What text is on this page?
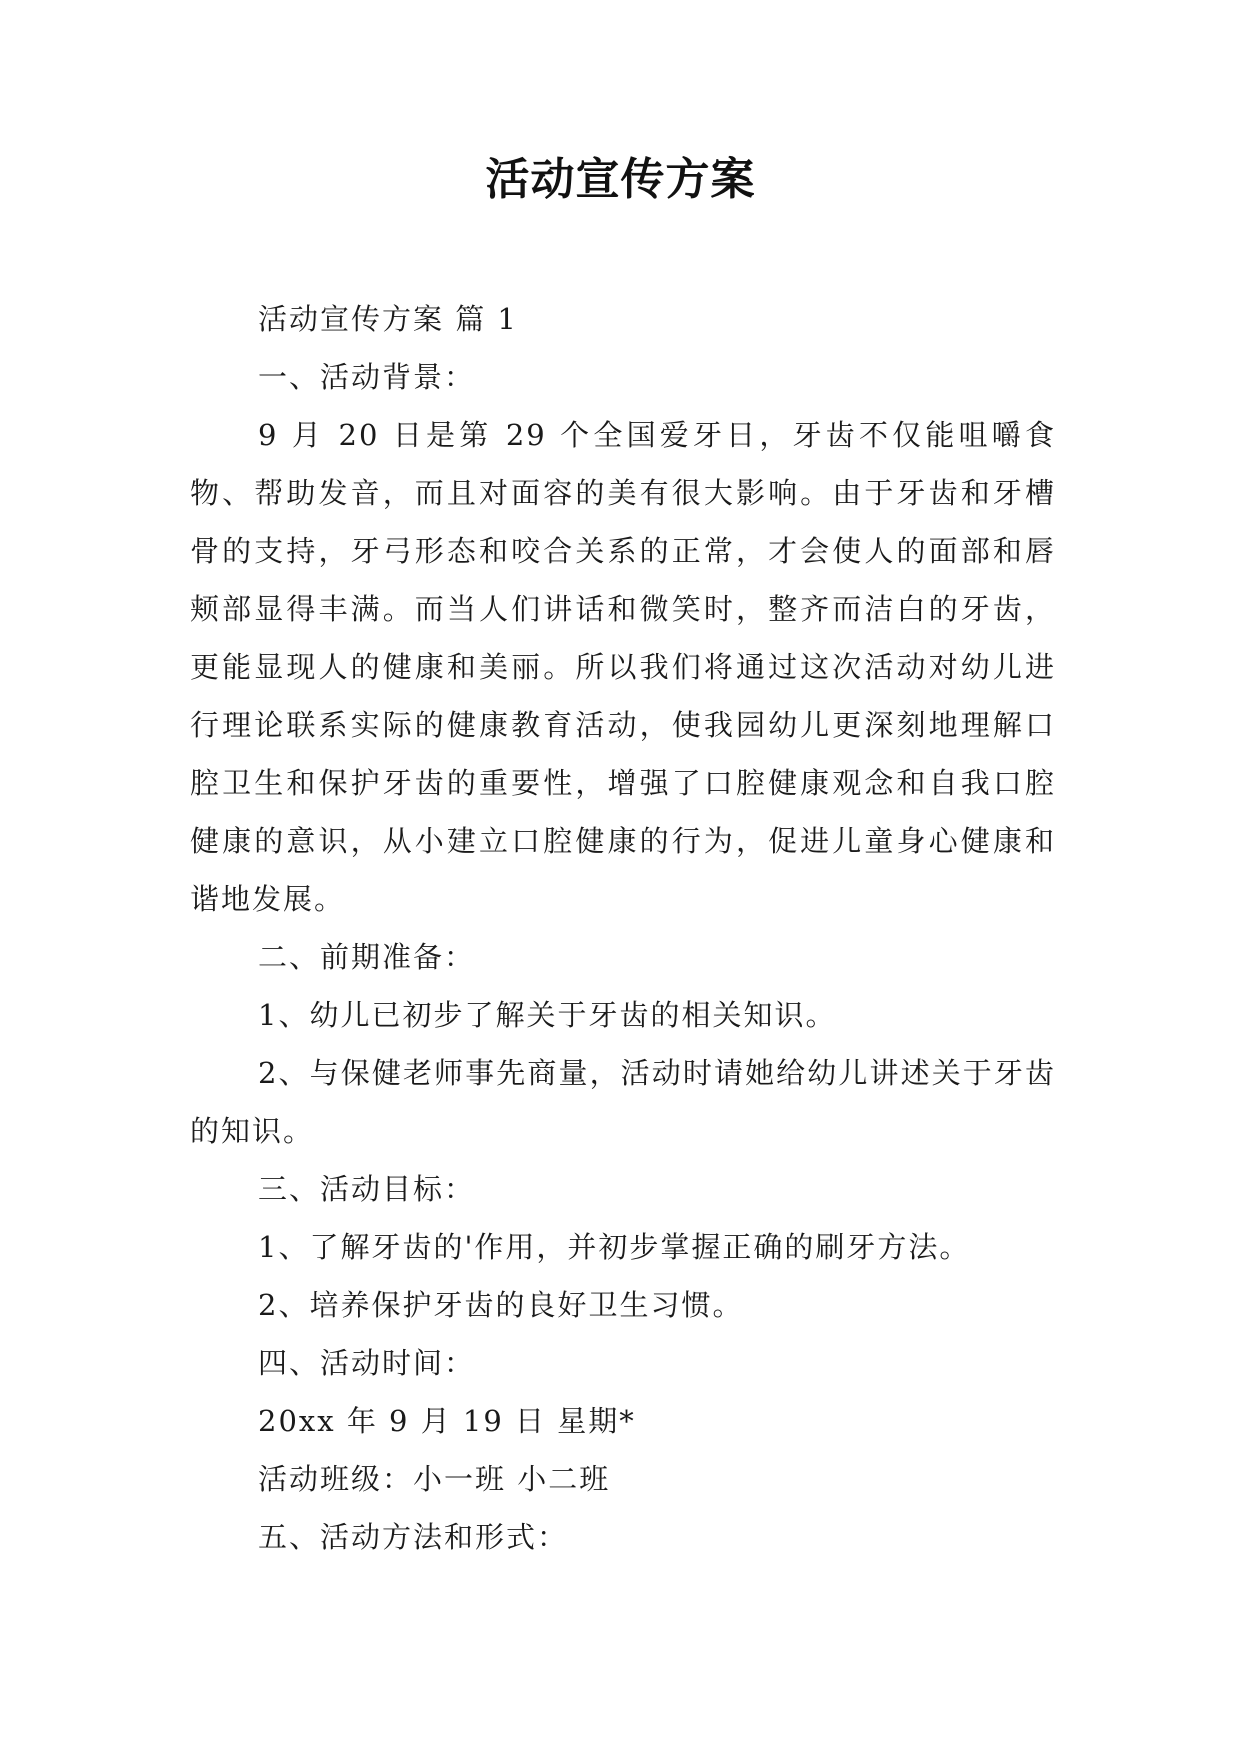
活动宣传方案

活动宣传方案 篇 1

一、活动背景：

9 月 20 日是第 29 个全国爱牙日，牙齿不仅能咀嚼食物、帮助发音，而且对面容的美有很大影响。由于牙齿和牙槽骨的支持，牙弓形态和咬合关系的正常，才会使人的面部和唇颊部显得丰满。而当人们讲话和微笑时，整齐而洁白的牙齿，更能显现人的健康和美丽。所以我们将通过这次活动对幼儿进行理论联系实际的健康教育活动，使我园幼儿更深刻地理解口腔卫生和保护牙齿的重要性，增强了口腔健康观念和自我口腔健康的意识，从小建立口腔健康的行为，促进儿童身心健康和谐地发展。

二、前期准备：

1、幼儿已初步了解关于牙齿的相关知识。

2、与保健老师事先商量，活动时请她给幼儿讲述关于牙齿的知识。

三、活动目标：

1、了解牙齿的'作用，并初步掌握正确的刷牙方法。

2、培养保护牙齿的良好卫生习惯。

四、活动时间：

20xx 年 9 月 19 日 星期*

活动班级：小一班 小二班

五、活动方法和形式：
